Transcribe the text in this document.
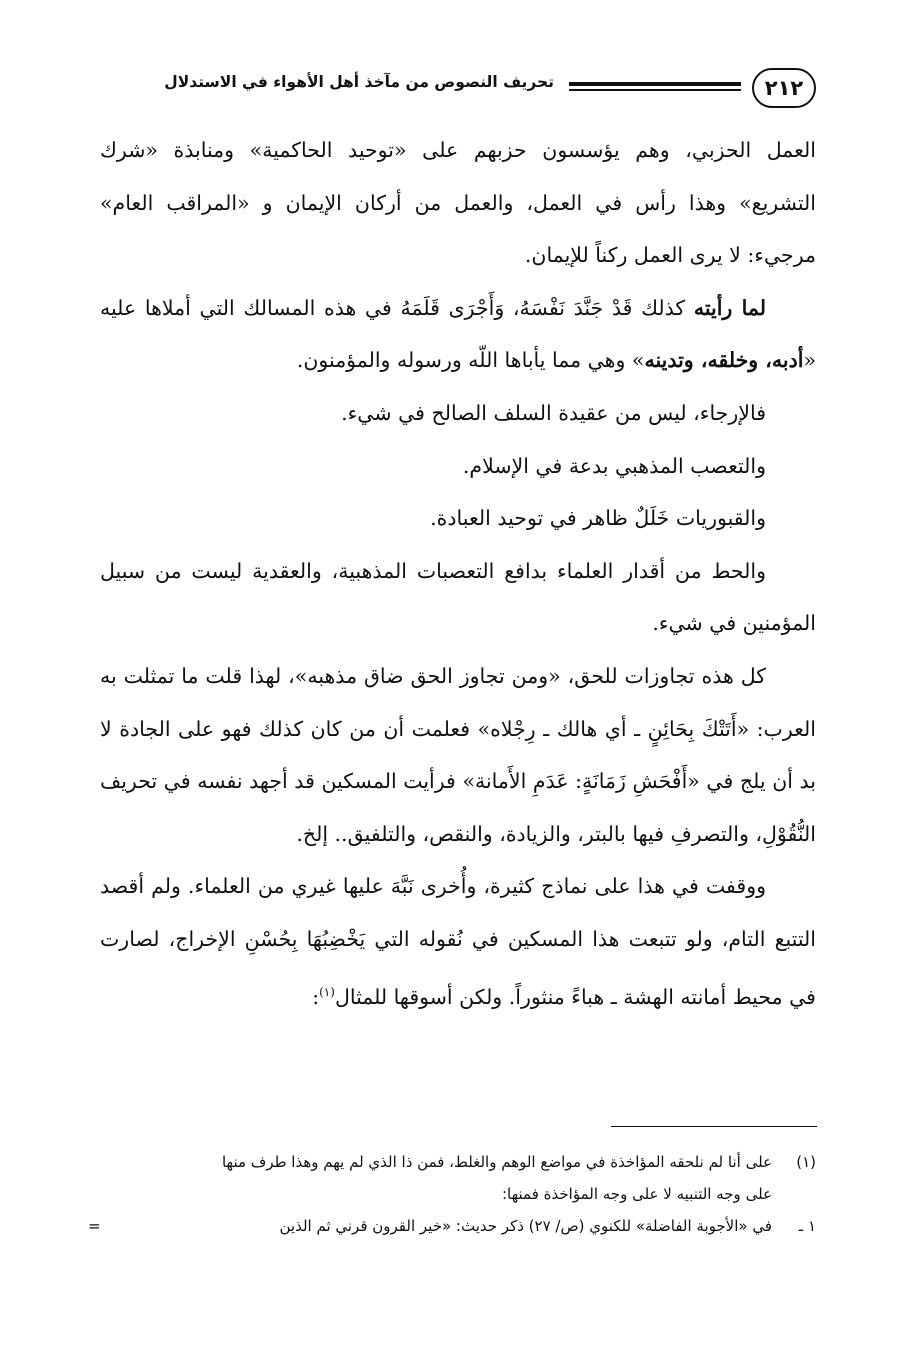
٢١٢
تحريف النصوص من مآخذ أهل الأهواء في الاستدلال

العمل الحزبي، وهم يؤسسون حزبهم على «توحيد الحاكمية» ومنابذة «شرك التشريع» وهذا رأس في العمل، والعمل من أركان الإيمان و «المراقب العام» مرجيء: لا يرى العمل ركناً للإيمان.

لما رأيته كذلك قَدْ جَنَّدَ نَفْسَهُ، وَأَجْرَى قَلَمَهُ في هذه المسالك التي أملاها عليه «أدبه، وخلقه، وتدينه» وهي مما يأباها اللّه ورسوله والمؤمنون.

فالإرجاء، ليس من عقيدة السلف الصالح في شيء.

والتعصب المذهبي بدعة في الإسلام.

والقبوريات خَلَلٌ ظاهر في توحيد العبادة.

والحط من أقدار العلماء بدافع التعصبات المذهبية، والعقدية ليست من سبيل المؤمنين في شيء.

كل هذه تجاوزات للحق، «ومن تجاوز الحق ضاق مذهبه»، لهذا قلت ما تمثلت به العرب: «أَتَتْكَ بِحَائِنٍ ـ أي هالك ـ رِجْلاه» فعلمت أن من كان كذلك فهو على الجادة لا بد أن يلج في «أَفْحَشِ زَمَانَةٍ: عَدَمِ الأَمانة» فرأيت المسكين قد أجهد نفسه في تحريف النُّقُوْلِ، والتصرفِ فيها بالبتر، والزيادة، والنقص، والتلفيق.. إلخ.

ووقفت في هذا على نماذج كثيرة، وأُخرى نَبَّهَ عليها غيري من العلماء. ولم أقصد التتبع التام، ولو تتبعت هذا المسكين في نُقوله التي يَخْضِبُهَا بِحُسْنِ الإخراج، لصارت في محيط أمانته الهشة ـ هباءً منثوراً. ولكن أسوقها للمثال$^{(١)}$:

(١)على أنا لم نلحقه المؤاخذة في مواضع الوهم والغلط، فمن ذا الذي لم يهم وهذا طرف منها

على وجه التنبيه لا على وجه المؤاخذة فمنها:

١ ـفي «الأجوبة الفاضلة» للكنوي (ص/ ٢٧) ذكر حديث: «خير القرون قرني ثم الذين
=
